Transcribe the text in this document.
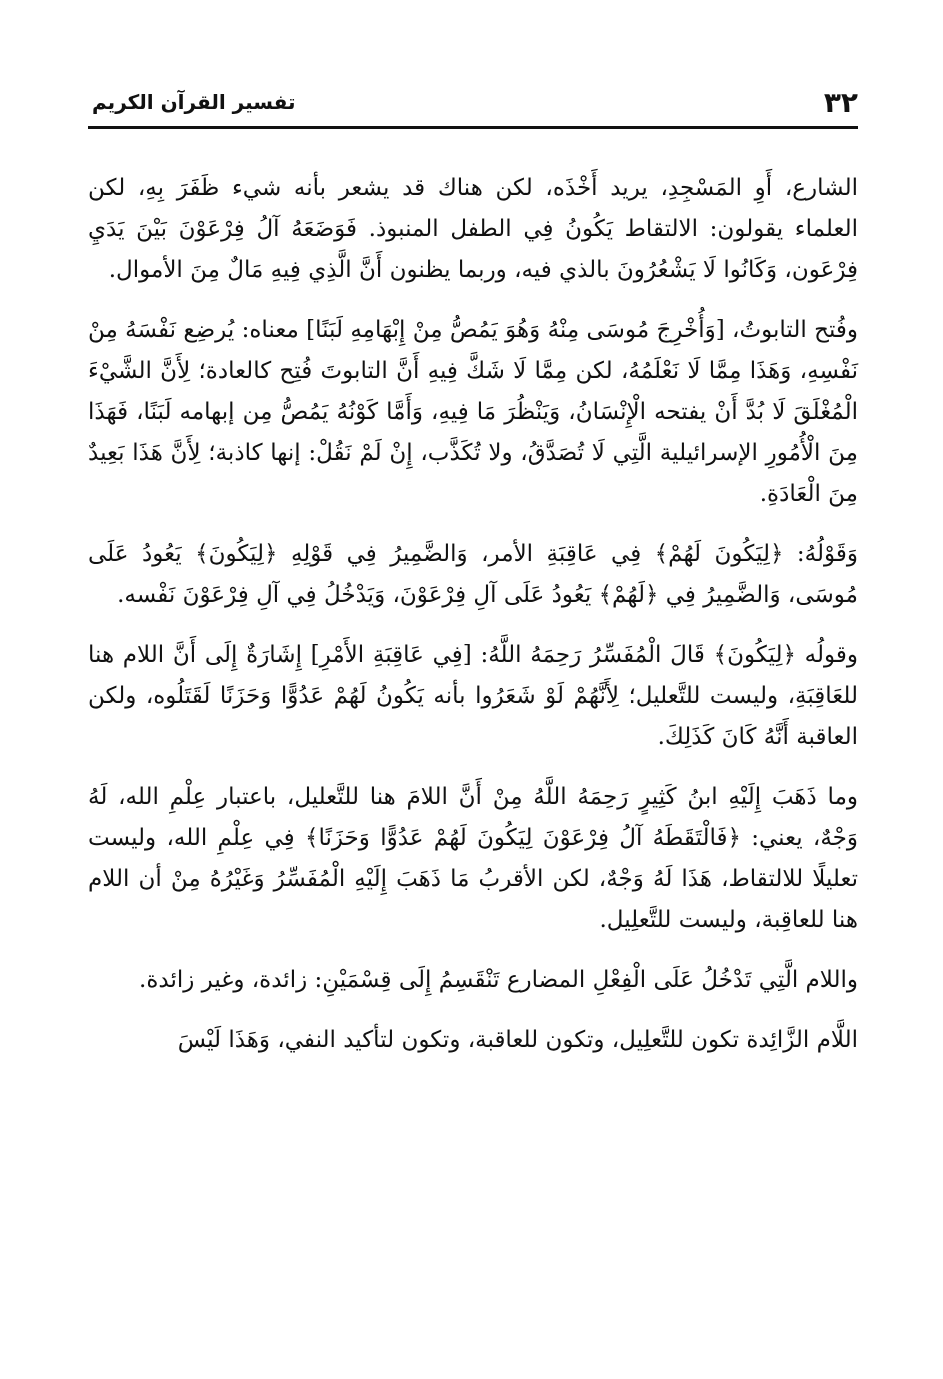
٣٢
تفسير القرآن الكريم

الشارع، أَوِ المَسْجِدِ، يريد أَخْذَه، لكن هناك قد يشعر بأنه شيء ظَفَرَ بِهِ، لكن العلماء يقولون: الالتقاط يَكُونُ فِي الطفل المنبوذ. فَوَضَعَهُ آلُ فِرْعَوْنَ بَيْنَ يَدَيِ فِرْعَون، وَكَانُوا لَا يَشْعُرُونَ بالذي فيه، وربما يظنون أَنَّ الَّذِي فِيهِ مَالٌ مِنَ الأموال.

وفُتح التابوتُ، [وَأُخْرِجَ مُوسَى مِنْهُ وَهُوَ يَمُصُّ مِنْ إِبْهَامِهِ لَبَنًا] معناه: يُرضِع نَفْسَهُ مِنْ نَفْسِهِ، وَهَذَا مِمَّا لَا نَعْلَمُهُ، لكن مِمَّا لَا شَكَّ فِيهِ أَنَّ التابوتَ فُتِح كالعادة؛ لِأَنَّ الشَّيْءَ الْمُغْلَقَ لَا بُدَّ أَنْ يفتحه الْإِنْسَانُ، وَيَنْظُرَ مَا فِيهِ، وَأَمَّا كَوْنُهُ يَمُصُّ مِن إبهامه لَبَنًا، فَهَذَا مِنَ الْأُمُورِ الإسرائيلية الَّتِي لَا تُصَدَّقُ، ولا تُكَذَّب، إِنْ لَمْ نَقُلْ: إنها كاذبة؛ لِأَنَّ هَذَا بَعِيدٌ مِنَ الْعَادَةِ.

وَقَوْلُهُ: ﴿لِيَكُونَ لَهُمْ﴾ فِي عَاقِبَةِ الأمر، وَالضَّمِيرُ فِي قَوْلِهِ ﴿لِيَكُونَ﴾ يَعُودُ عَلَى مُوسَى، وَالضَّمِيرُ فِي ﴿لَهُمْ﴾ يَعُودُ عَلَى آلِ فِرْعَوْنَ، وَيَدْخُلُ فِي آلِ فِرْعَوْنَ نَفْسه.

وقولُه ﴿لِيَكُونَ﴾ قَالَ الْمُفَسِّرُ رَحِمَهُ اللَّهُ: [فِي عَاقِبَةِ الأَمْرِ] إِشَارَةٌ إِلَى أَنَّ اللام هنا للعَاقِبَةِ، وليست للتَّعليل؛ لِأَنَّهُمْ لَوْ شَعَرُوا بأنه يَكُونُ لَهُمْ عَدُوًّا وَحَزَنًا لَقَتَلُوه، ولكن العاقبة أَنَّهُ كَانَ كَذَلِكَ.

وما ذَهَبَ إِلَيْهِ ابنُ كَثِيرٍ رَحِمَهُ اللَّهُ مِنْ أَنَّ اللامَ هنا للتَّعليل، باعتبار عِلْمِ الله، لَهُ وَجْهٌ، يعني: ﴿فَالْتَقَطَهُ آلُ فِرْعَوْنَ لِيَكُونَ لَهُمْ عَدُوًّا وَحَزَنًا﴾ فِي عِلْمِ الله، وليست تعليلًا للالتقاط، هَذَا لَهُ وَجْهٌ، لكن الأقربُ مَا ذَهَبَ إِلَيْهِ الْمُفَسِّرُ وَغَيْرُهُ مِنْ أن اللام هنا للعاقِبة، وليست للتَّعلِيل.

واللام الَّتِي تَدْخُلُ عَلَى الْفِعْلِ المضارع تَنْقَسِمُ إِلَى قِسْمَيْنِ: زائدة، وغير زائدة.

اللَّام الزَّائِدة تكون للتَّعلِيل، وتكون للعاقبة، وتكون لتأكيد النفي، وَهَذَا لَيْسَ
